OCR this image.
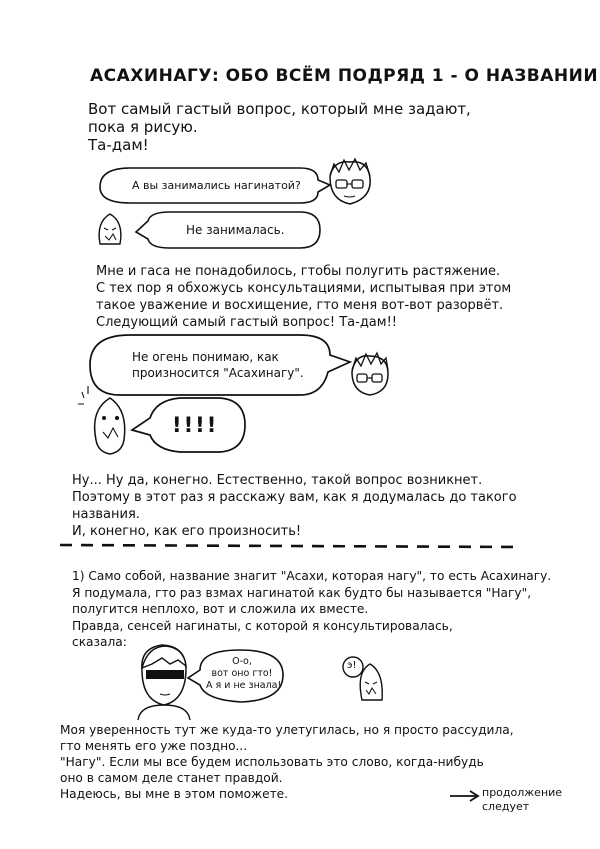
АСАХИНАГУ: ОБО ВСЁМ ПОДРЯД 1 - О НАЗВАНИИ
Вот самый гастый вопрос, который мне задают,
пока я рисую.
Та-дам!
А вы занимались нагинатой?
Не занималась.
Мне и гаса не понадобилось, гтобы полугить растяжение.
С тех пор я обхожусь консультациями, испытывая при этом
такое уважение и восхищение, гто меня вот-вот разорвёт.
Следующий самый гастый вопрос! Та-дам!!
Не огень понимаю, как
произносится "Асахинагу".
!!!!
Ну... Ну да, конегно. Естественно, такой вопрос возникнет.
Поэтому в этот раз я расскажу вам, как я додумалась до такого
названия.
И, конегно, как его произносить!
1) Само собой, название знагит "Асахи, которая нагу", то есть Асахинагу.
Я подумала, гто раз взмах нагинатой как будто бы называется "Нагу",
полугится неплохо, вот и сложила их вместе.
Правда, сенсей нагинаты, с которой я консультировалась,
сказала:
О-о,
вот оно гто!
А я и не знала!
э!
Моя уверенность тут же куда-то улетугилась, но я просто рассудила,
гто менять его уже поздно...
"Нагу". Если мы все будем использовать это слово, когда-нибудь
оно в самом деле станет правдой.
Надеюсь, вы мне в этом поможете.	продолжение
следует
